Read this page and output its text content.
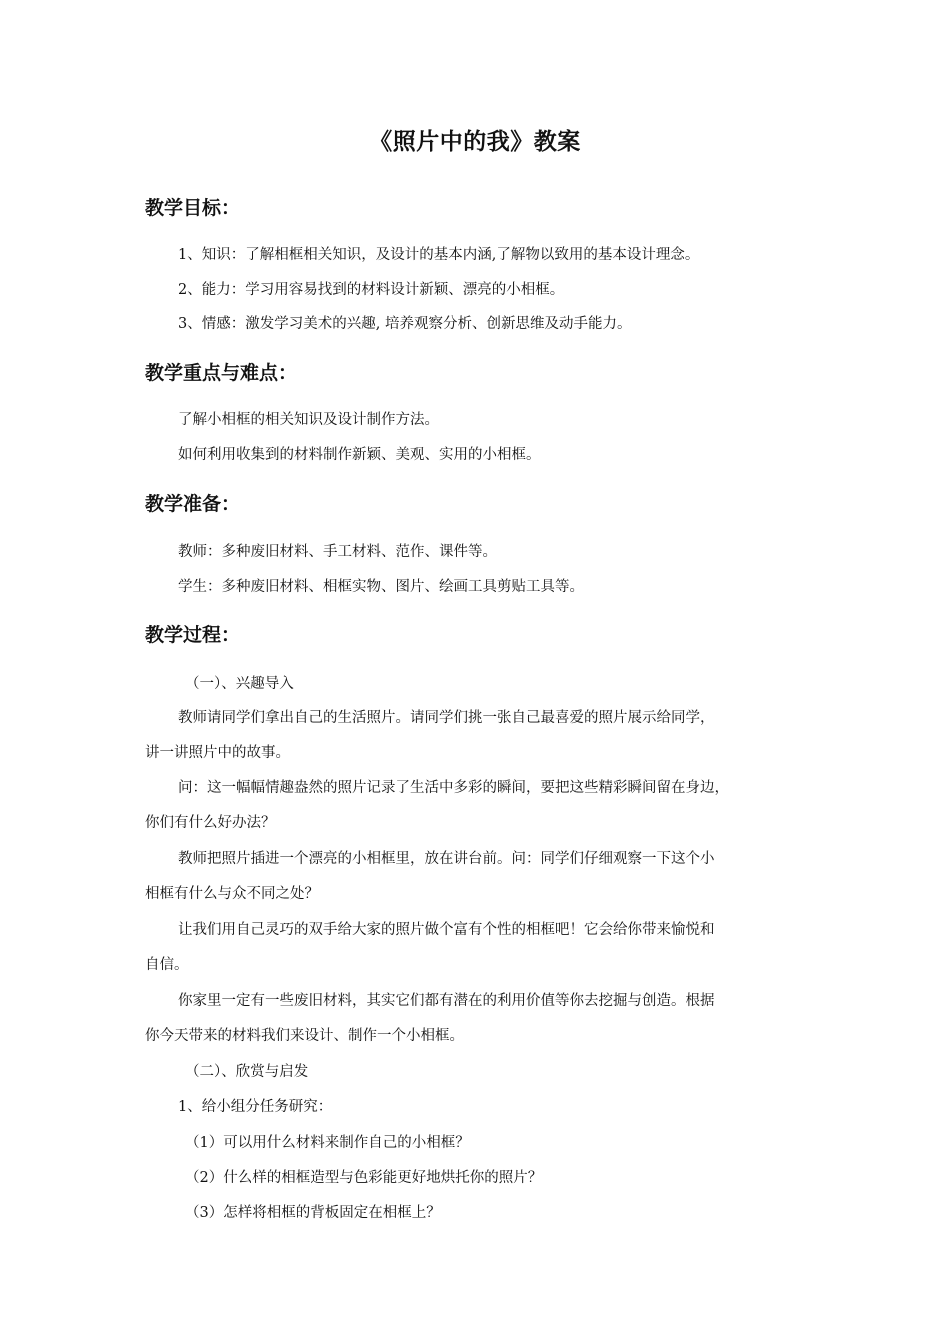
《照片中的我》教案
教学目标：
1、知识：了解相框相关知识，及设计的基本内涵,了解物以致用的基本设计理念。
2、能力：学习用容易找到的材料设计新颖、漂亮的小相框。
3、情感：激发学习美术的兴趣, 培养观察分析、创新思维及动手能力。
教学重点与难点：
了解小相框的相关知识及设计制作方法。
如何利用收集到的材料制作新颖、美观、实用的小相框。
教学准备：
教师：多种废旧材料、手工材料、范作、课件等。
学生：多种废旧材料、相框实物、图片、绘画工具剪贴工具等。
教学过程：
（一）、兴趣导入
教师请同学们拿出自己的生活照片。请同学们挑一张自己最喜爱的照片展示给同学，
讲一讲照片中的故事。
问：这一幅幅情趣盎然的照片记录了生活中多彩的瞬间，要把这些精彩瞬间留在身边，
你们有什么好办法？
教师把照片插进一个漂亮的小相框里，放在讲台前。问：同学们仔细观察一下这个小
相框有什么与众不同之处？
让我们用自己灵巧的双手给大家的照片做个富有个性的相框吧！它会给你带来愉悦和
自信。
你家里一定有一些废旧材料，其实它们都有潜在的利用价值等你去挖掘与创造。根据
你今天带来的材料我们来设计、制作一个小相框。
（二）、欣赏与启发
1、给小组分任务研究：
（1）可以用什么材料来制作自己的小相框？
（2）什么样的相框造型与色彩能更好地烘托你的照片？
（3）怎样将相框的背板固定在相框上？
